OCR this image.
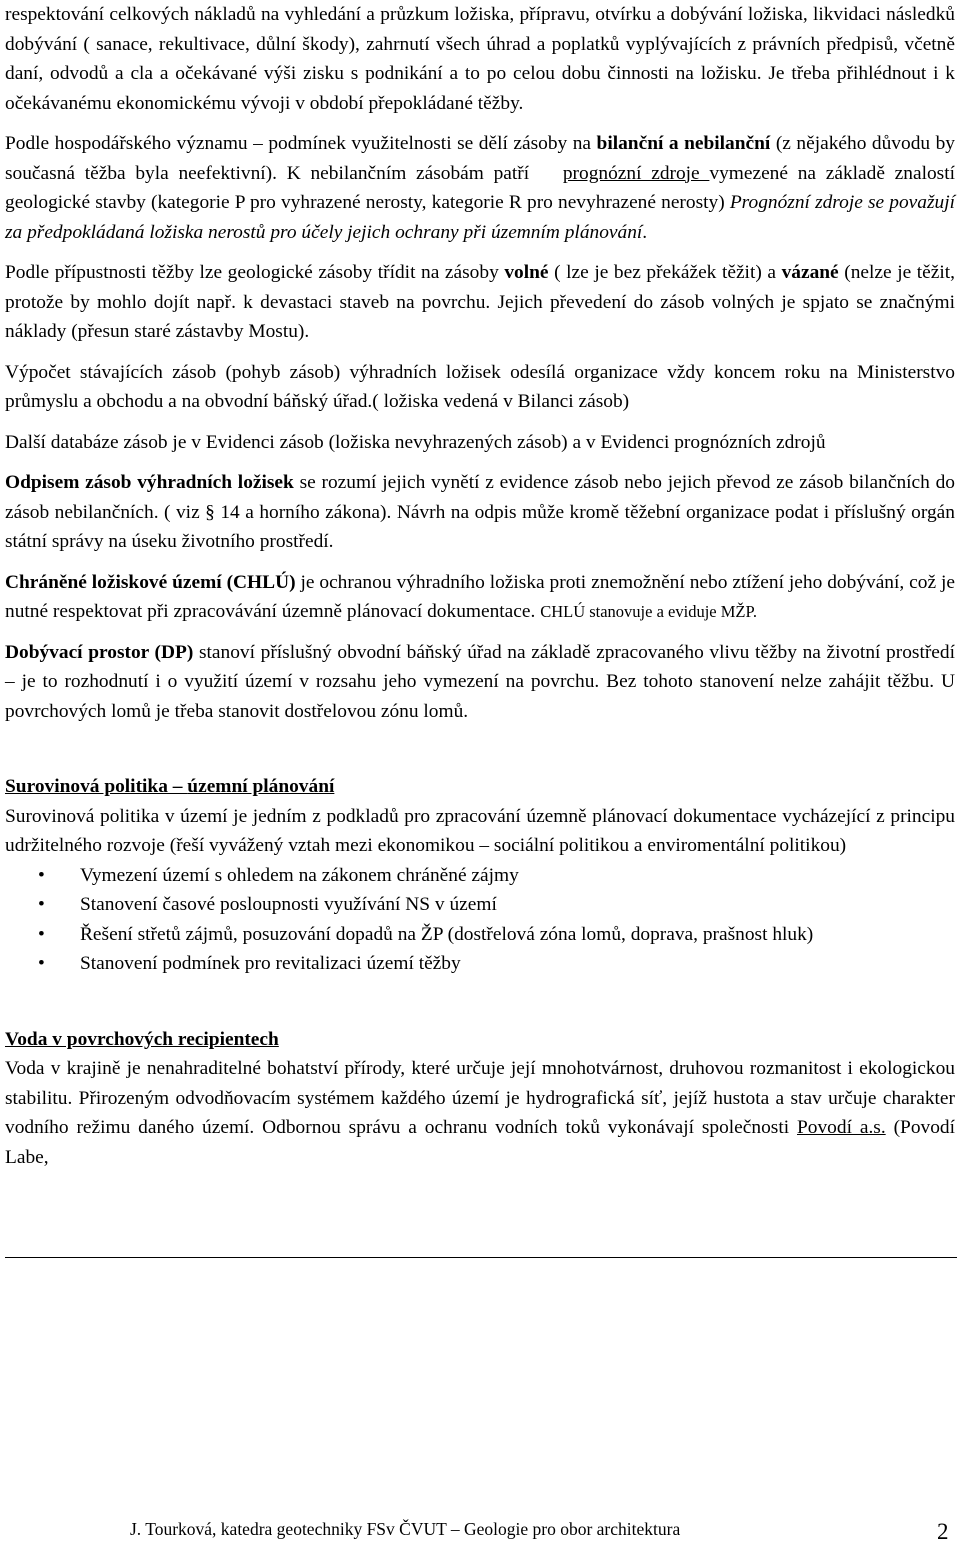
respektování celkových nákladů na vyhledání a průzkum ložiska, přípravu, otvírku a dobývání ložiska, likvidaci následků dobývání ( sanace, rekultivace, důlní škody), zahrnutí všech úhrad a poplatků vyplývajících z právních předpisů, včetně daní, odvodů a cla a očekávané výši zisku s podnikání a to po celou dobu činnosti na ložisku. Je třeba přihlédnout i k očekávanému ekonomickému vývoji v období přepokládané těžby.

Podle hospodářského významu – podmínek využitelnosti se dělí zásoby na bilanční a nebilanční (z nějakého důvodu by současná těžba byla neefektivní). K nebilančním zásobám patří prognózní zdroje vymezené na základě znalostí geologické stavby (kategorie P pro vyhrazené nerosty, kategorie R pro nevyhrazené nerosty) Prognózní zdroje se považují za předpokládaná ložiska nerostů pro účely jejich ochrany při územním plánování.

Podle přípustnosti těžby lze geologické zásoby třídit na zásoby volné ( lze je bez překážek těžit) a vázané (nelze je těžit, protože by mohlo dojít např. k devastaci staveb na povrchu. Jejich převedení do zásob volných je spjato se značnými náklady (přesun staré zástavby Mostu).

Výpočet stávajících zásob (pohyb zásob) výhradních ložisek odesílá organizace vždy koncem roku na Ministerstvo průmyslu a obchodu a na obvodní báňský úřad.( ložiska vedená v Bilanci zásob)

Další databáze zásob je v Evidenci zásob (ložiska nevyhrazených zásob) a v Evidenci prognózních zdrojů

Odpisem zásob výhradních ložisek se rozumí jejich vynětí z evidence zásob nebo jejich převod ze zásob bilančních do zásob nebilančních. ( viz § 14 a horního zákona). Návrh na odpis může kromě těžební organizace podat i příslušný orgán státní správy na úseku životního prostředí.

Chráněné ložiskové území (CHLÚ) je ochranou výhradního ložiska proti znemožnění nebo ztížení jeho dobývání, což je nutné respektovat při zpracovávání územně plánovací dokumentace. CHLÚ stanovuje a eviduje MŽP.

Dobývací prostor (DP) stanoví příslušný obvodní báňský úřad na základě zpracovaného vlivu těžby na životní prostředí – je to rozhodnutí i o využití území v rozsahu jeho vymezení na povrchu. Bez tohoto stanovení nelze zahájit těžbu. U povrchových lomů je třeba stanovit dostřelovou zónu lomů.

Surovinová politika – územní plánování

Surovinová politika v území je jedním z podkladů pro zpracování územně plánovací dokumentace vycházející z principu udržitelného rozvoje (řeší vyvážený vztah mezi ekonomikou – sociální politikou a enviromentální politikou)

• Vymezení území s ohledem na zákonem chráněné zájmy
• Stanovení časové posloupnosti využívání NS v území
• Řešení střetů zájmů, posuzování dopadů na ŽP (dostřelová zóna lomů, doprava, prašnost hluk)
• Stanovení podmínek pro revitalizaci území těžby

Voda v povrchových recipientech

Voda v krajině je nenahraditelné bohatství přírody, které určuje její mnohotvárnost, druhovou rozmanitost i ekologickou stabilitu. Přirozeným odvodňovacím systémem každého území je hydrografická síť, jejíž hustota a stav určuje charakter vodního režimu daného území. Odbornou správu a ochranu vodních toků vykonávají společnosti Povodí a.s. (Povodí Labe,

J. Tourková, katedra geotechniky FSv ČVUT – Geologie pro obor architektura	2
